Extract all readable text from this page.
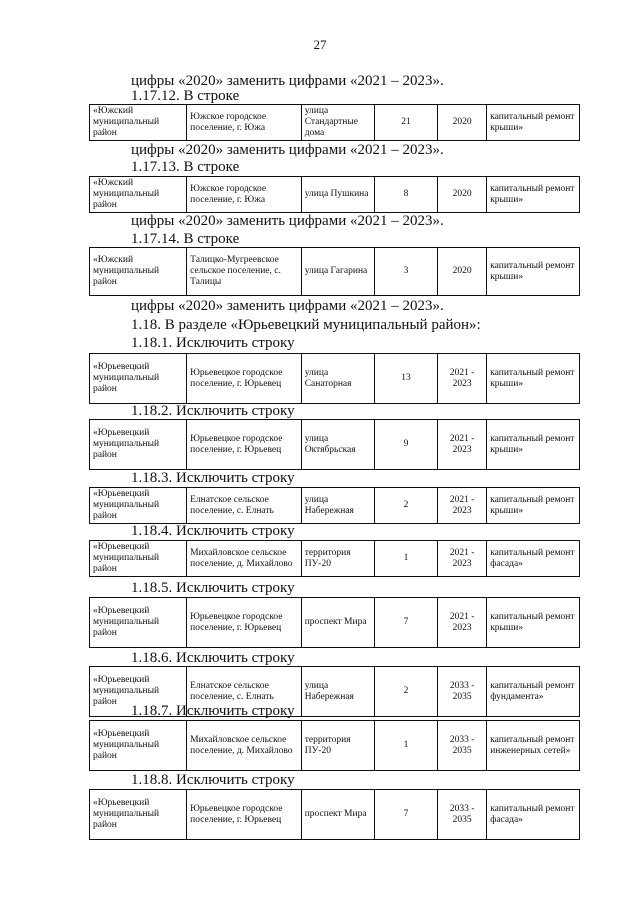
27
цифры «2020» заменить цифрами «2021 – 2023».
1.17.12. В строке
«Южский муниципальный район	Южское городское поселение, г. Южа	улица Стандартные дома	21	2020	капитальный ремонт крыши»
цифры «2020» заменить цифрами «2021 – 2023».
1.17.13. В строке
«Южский муниципальный район	Южское городское поселение, г. Южа	улица Пушкина	8	2020	капитальный ремонт крыши»
цифры «2020» заменить цифрами «2021 – 2023».
1.17.14. В строке
«Южский муниципальный район	Талицко-Мугреевское сельское поселение, с. Талицы	улица Гагарина	3	2020	капитальный ремонт крыши»
цифры «2020» заменить цифрами «2021 – 2023».
1.18. В разделе «Юрьевецкий муниципальный район»:
1.18.1. Исключить строку
«Юрьевецкий муниципальный район	Юрьевецкое городское поселение, г. Юрьевец	улица Санаторная	13	2021 - 2023	капитальный ремонт крыши»
1.18.2. Исключить строку
«Юрьевецкий муниципальный район	Юрьевецкое городское поселение, г. Юрьевец	улица Октябрьская	9	2021 - 2023	капитальный ремонт крыши»
1.18.3. Исключить строку
«Юрьевецкий муниципальный район	Елнатское сельское поселение, с. Елнать	улица Набережная	2	2021 - 2023	капитальный ремонт крыши»
1.18.4. Исключить строку
«Юрьевецкий муниципальный район	Михайловское сельское поселение, д. Михайлово	территория ПУ-20	1	2021 - 2023	капитальный ремонт фасада»
1.18.5. Исключить строку
«Юрьевецкий муниципальный район	Юрьевецкое городское поселение, г. Юрьевец	проспект Мира	7	2021 - 2023	капитальный ремонт крыши»
1.18.6. Исключить строку
«Юрьевецкий муниципальный район	Елнатское сельское поселение, с. Елнать	улица Набережная	2	2033 - 2035	капитальный ремонт фундамента»
1.18.7. Исключить строку
«Юрьевецкий муниципальный район	Михайловское сельское поселение, д. Михайлово	территория ПУ-20	1	2033 - 2035	капитальный ремонт инженерных сетей»
1.18.8. Исключить строку
«Юрьевецкий муниципальный район	Юрьевецкое городское поселение, г. Юрьевец	проспект Мира	7	2033 - 2035	капитальный ремонт фасада»
